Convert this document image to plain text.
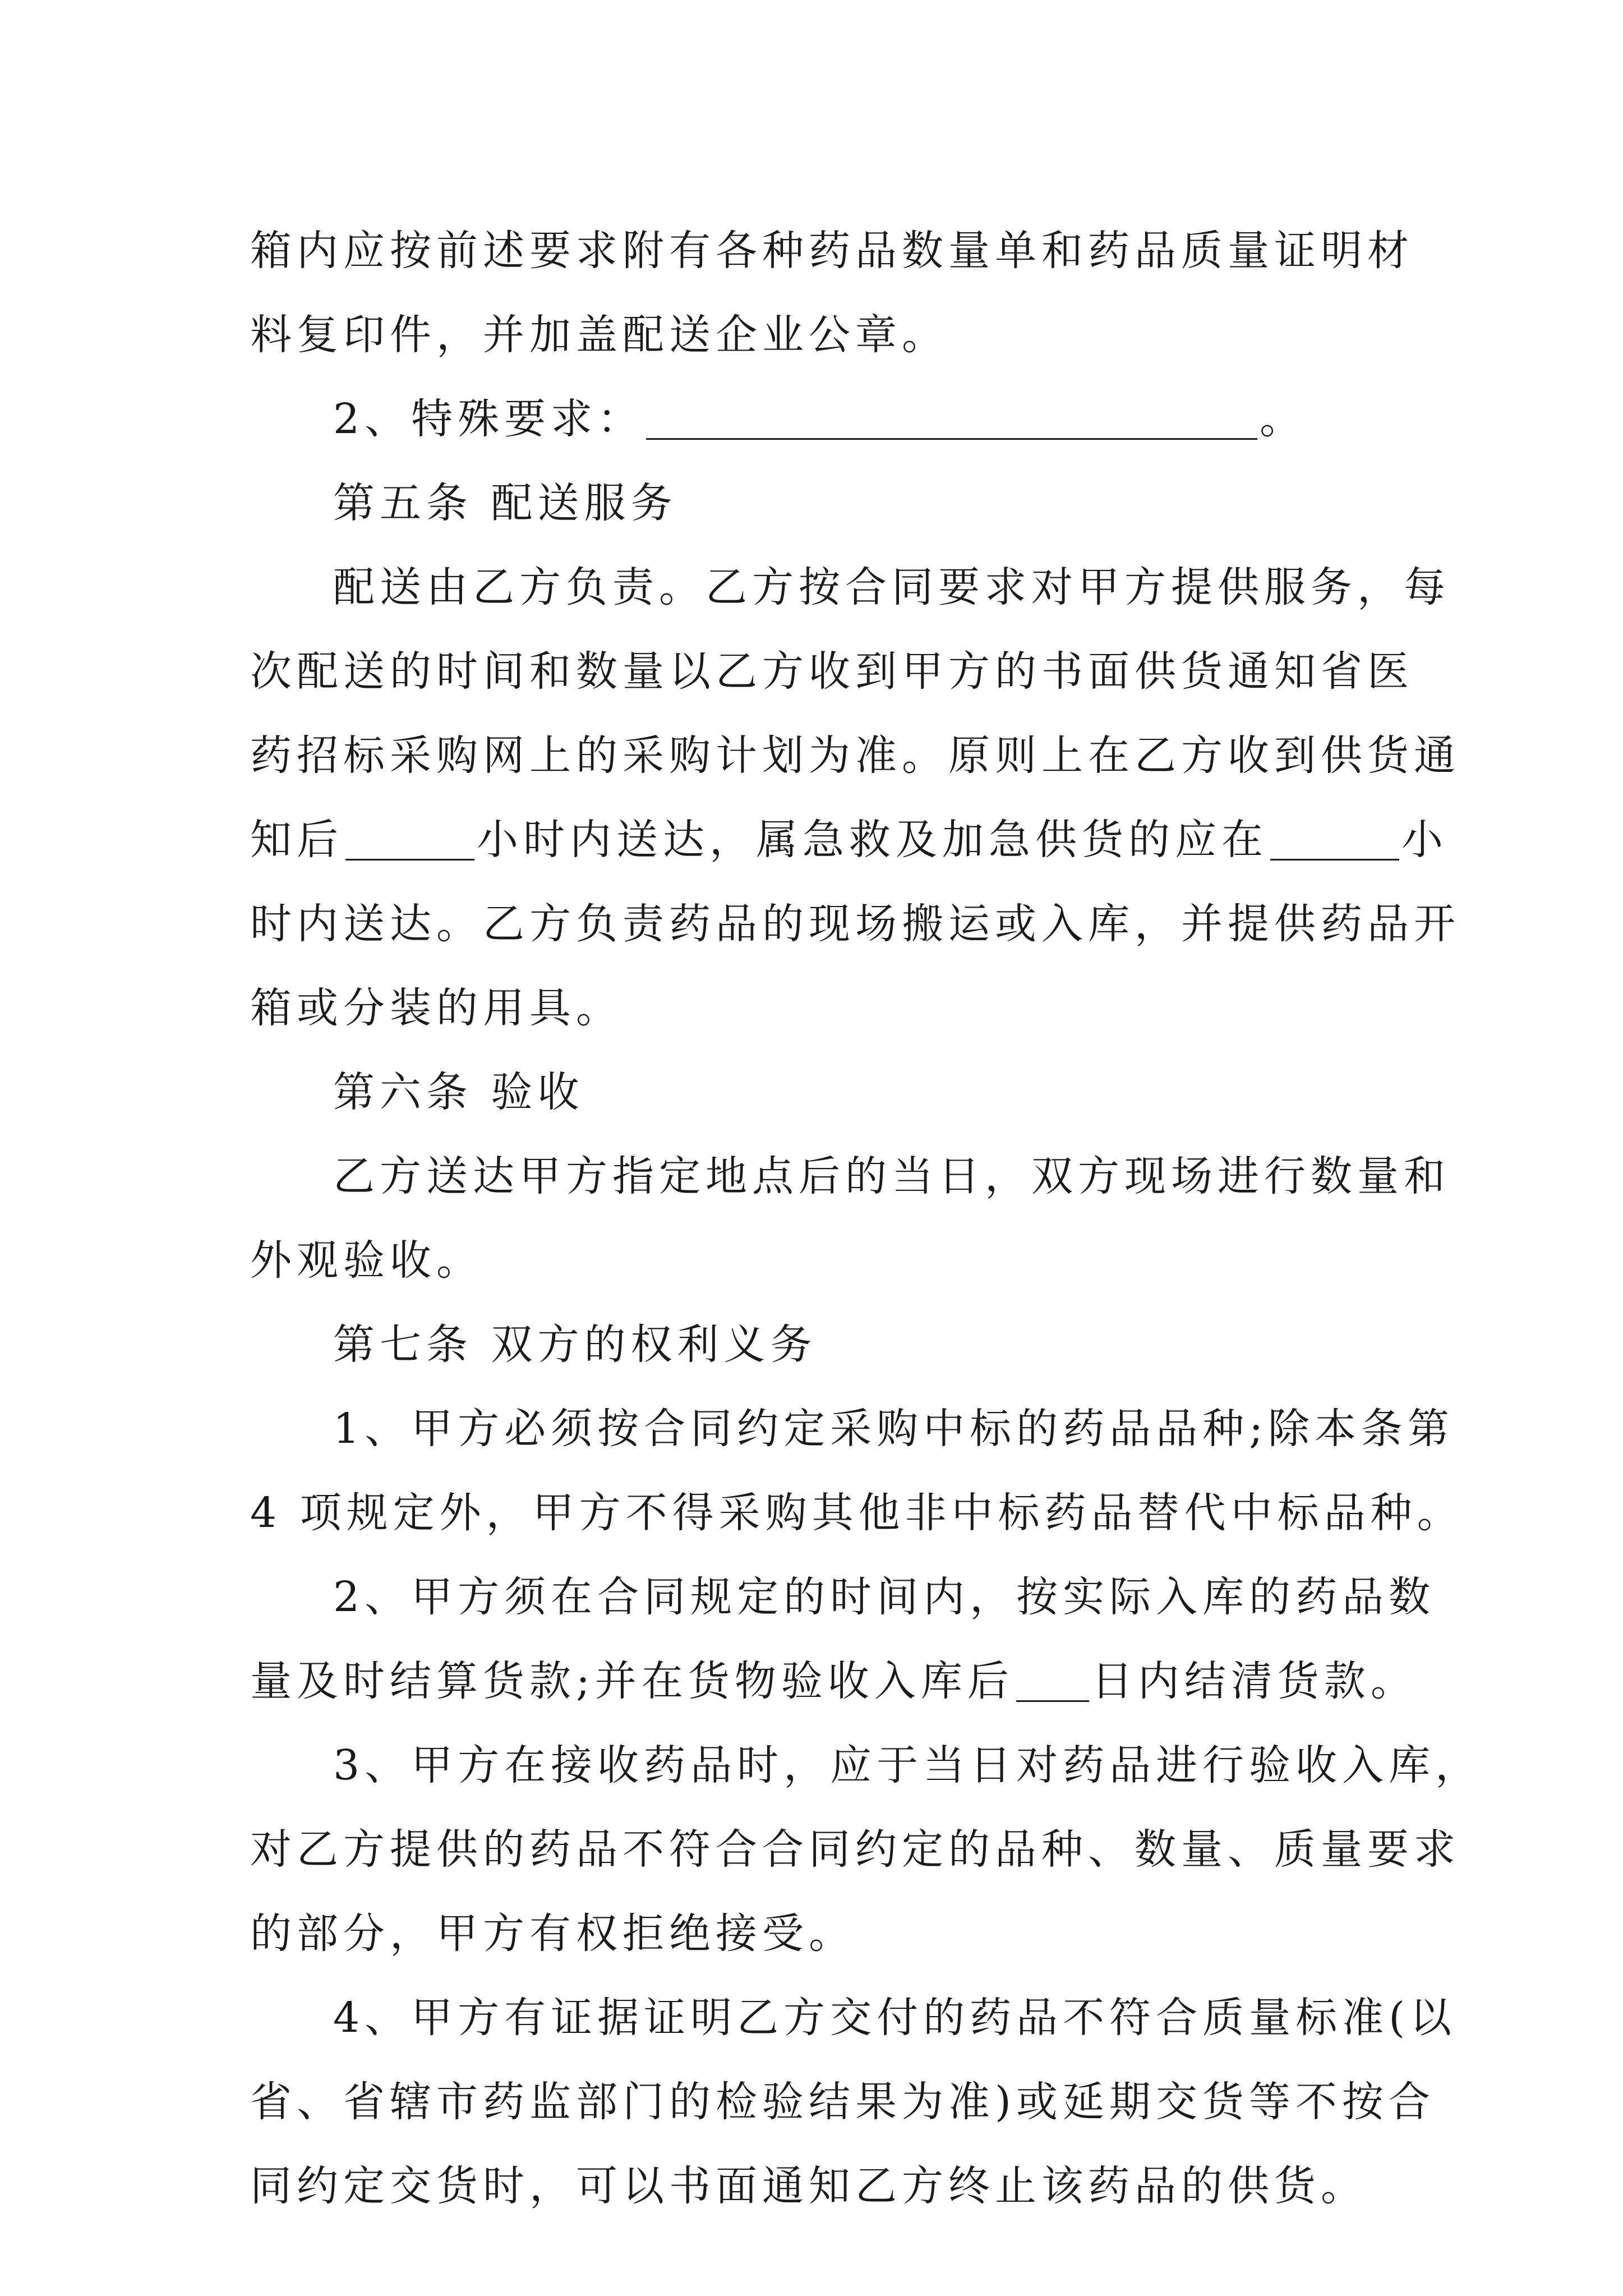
箱内应按前述要求附有各种药品数量单和药品质量证明材
料复印件，并加盖配送企业公章。
2、特殊要求：	。
第五条 配送服务
配送由乙方负责。乙方按合同要求对甲方提供服务，每
次配送的时间和数量以乙方收到甲方的书面供货通知省医
药招标采购网上的采购计划为准。原则上在乙方收到供货通
知后	小时内送达，属急救及加急供货的应在	小
时内送达。乙方负责药品的现场搬运或入库，并提供药品开
箱或分装的用具。
第六条 验收
乙方送达甲方指定地点后的当日，双方现场进行数量和
外观验收。
第七条 双方的权利义务
1、甲方必须按合同约定采购中标的药品品种;除本条第
4 项规定外，甲方不得采购其他非中标药品替代中标品种。
2、甲方须在合同规定的时间内，按实际入库的药品数
量及时结算货款;并在货物验收入库后 日内结清货款。
3、甲方在接收药品时，应于当日对药品进行验收入库，
对乙方提供的药品不符合合同约定的品种、数量、质量要求
的部分，甲方有权拒绝接受。
4、甲方有证据证明乙方交付的药品不符合质量标准(以
省、省辖市药监部门的检验结果为准)或延期交货等不按合
同约定交货时，可以书面通知乙方终止该药品的供货。
